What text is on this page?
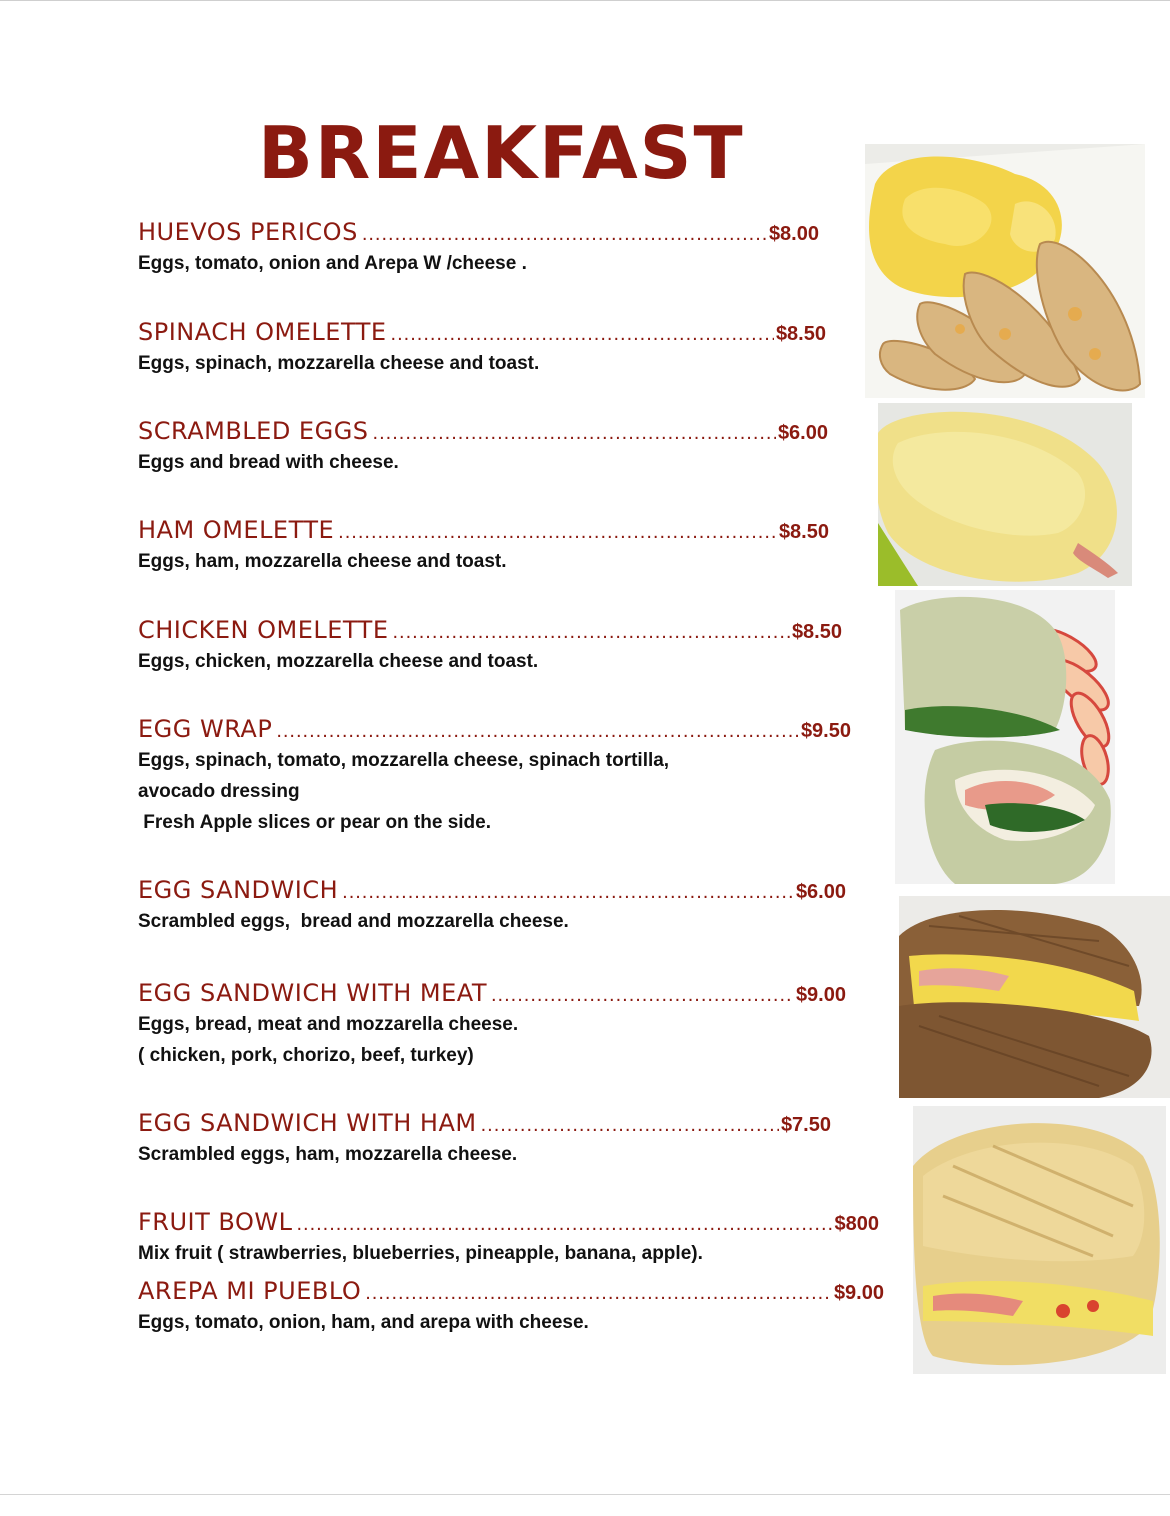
BREAKFAST
HUEVOS PERICOS .....	$8.00
Eggs, tomato, onion and Arepa W /cheese .
SPINACH OMELETTE .....	$8.50
Eggs, spinach, mozzarella cheese and toast.
SCRAMBLED EGGS .....	$6.00
Eggs and bread with cheese.
HAM OMELETTE .....	$8.50
Eggs, ham, mozzarella cheese and toast.
CHICKEN OMELETTE .....	$8.50
Eggs, chicken, mozzarella cheese and toast.
EGG WRAP .....	$9.50
Eggs, spinach, tomato, mozzarella cheese, spinach tortilla,
avocado dressing
Fresh Apple slices or pear on the side.
EGG SANDWICH .....	$6.00
Scrambled eggs,  bread and mozzarella cheese.
EGG SANDWICH WITH MEAT .....	$9.00
Eggs, bread, meat and mozzarella cheese.
( chicken, pork, chorizo, beef, turkey)
EGG SANDWICH WITH HAM .....	$7.50
Scrambled eggs, ham, mozzarella cheese.
FRUIT BOWL .....	$800
Mix fruit ( strawberries, blueberries, pineapple, banana, apple).
AREPA MI PUEBLO .....	$9.00
Eggs, tomato, onion, ham, and arepa with cheese.
